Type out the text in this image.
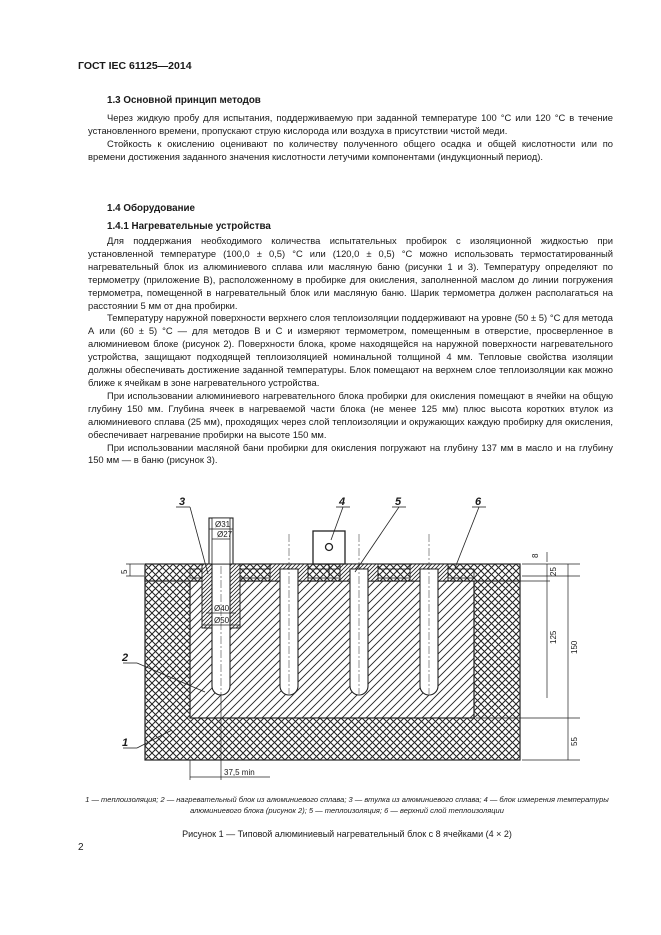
ГОСТ IEC 61125—2014
1.3 Основной принцип методов

Через жидкую пробу для испытания, поддерживаемую при заданной температуре 100 °С или 120 °С в течение установленного времени, пропускают струю кислорода или воздуха в присутствии чистой меди.

Стойкость к окислению оценивают по количеству полученного общего осадка и общей кислотности или по времени достижения заданного значения кислотности летучими компонентами (индукционный период).

1.4 Оборудование
1.4.1 Нагревательные устройства

Для поддержания необходимого количества испытательных пробирок с изоляционной жидкостью при установленной температуре (100,0 ± 0,5) °С или (120,0 ± 0,5) °С можно использовать термостатированный нагревательный блок из алюминиевого сплава или масляную баню (рисунки 1 и 3). Температуру определяют по термометру (приложение В), расположенному в пробирке для окисления, заполненной маслом до линии погружения термометра, помещенной в нагревательный блок или масляную баню. Шарик термометра должен располагаться на расстоянии 5 мм от дна пробирки.

Температуру наружной поверхности верхнего слоя теплоизоляции поддерживают на уровне (50 ± 5) °С для метода А или (60 ± 5) °С — для методов В и С и измеряют термометром, помещенным в отверстие, просверленное в алюминиевом блоке (рисунок 2). Поверхности блока, кроме находящейся на наружной поверхности нагревательного устройства, защищают подходящей теплоизоляцией номинальной толщиной 4 мм. Тепловые свойства изоляции должны обеспечивать достижение заданной температуры. Блок помещают на верхнем слое теплоизоляции как можно ближе к ячейкам в зоне нагревательного устройства.

При использовании алюминиевого нагревательного блока пробирки для окисления помещают в ячейки на общую глубину 150 мм. Глубина ячеек в нагреваемой части блока (не менее 125 мм) плюс высота коротких втулок из алюминиевого сплава (25 мм), проходящих через слой теплоизоляции и окружающих каждую пробирку для окисления, обеспечивает нагревание пробирки на высоте 150 мм.

При использовании масляной бани пробирки для окисления погружают на глубину 137 мм в масло и на глубину 150 мм — в баню (рисунок 3).

3	4	5	6
2
1
Ø31
Ø27
Ø40
Ø50
5
8
25
125
150
55
37,5 min
1 — теплоизоляция; 2 — нагревательный блок из алюминиевого сплава; 3 — втулка из алюминиевого сплава; 4 — блок измерения температуры алюминиевого блока (рисунок 2); 5 — теплоизоляция; 6 — верхний слой теплоизоляции
Рисунок 1 — Типовой алюминиевый нагревательный блок с 8 ячейками (4 × 2)
2
